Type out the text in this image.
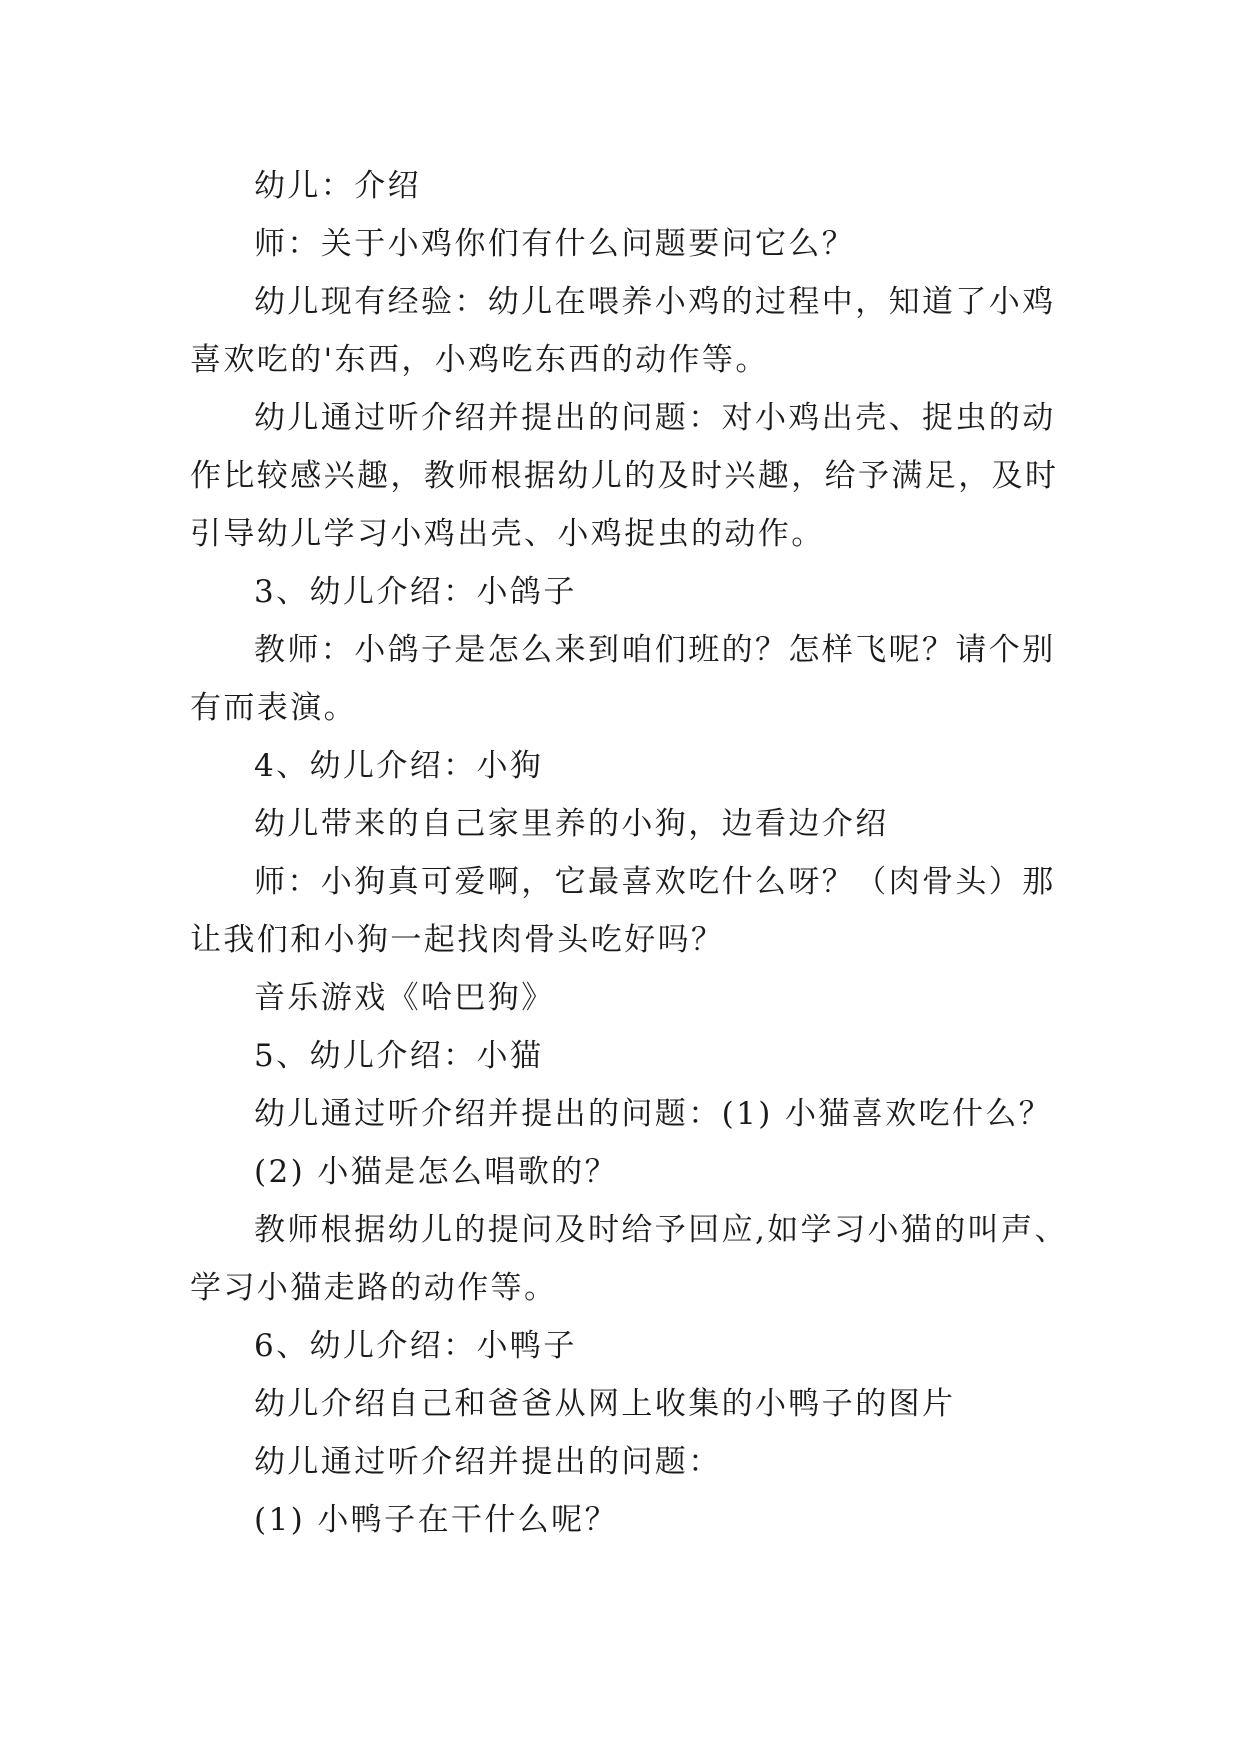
幼儿：介绍

师：关于小鸡你们有什么问题要问它么？

幼儿现有经验：幼儿在喂养小鸡的过程中，知道了小鸡

喜欢吃的'东西，小鸡吃东西的动作等。

幼儿通过听介绍并提出的问题：对小鸡出壳、捉虫的动

作比较感兴趣，教师根据幼儿的及时兴趣，给予满足，及时

引导幼儿学习小鸡出壳、小鸡捉虫的动作。

3、幼儿介绍：小鸽子

教师：小鸽子是怎么来到咱们班的？怎样飞呢？请个别

有而表演。

4、幼儿介绍：小狗

幼儿带来的自己家里养的小狗，边看边介绍

师：小狗真可爱啊，它最喜欢吃什么呀？（肉骨头）那

让我们和小狗一起找肉骨头吃好吗？

音乐游戏《哈巴狗》

5、幼儿介绍：小猫

幼儿通过听介绍并提出的问题：(1) 小猫喜欢吃什么？

(2) 小猫是怎么唱歌的？

教师根据幼儿的提问及时给予回应,如学习小猫的叫声、

学习小猫走路的动作等。

6、幼儿介绍：小鸭子

幼儿介绍自己和爸爸从网上收集的小鸭子的图片

幼儿通过听介绍并提出的问题：

(1) 小鸭子在干什么呢？
